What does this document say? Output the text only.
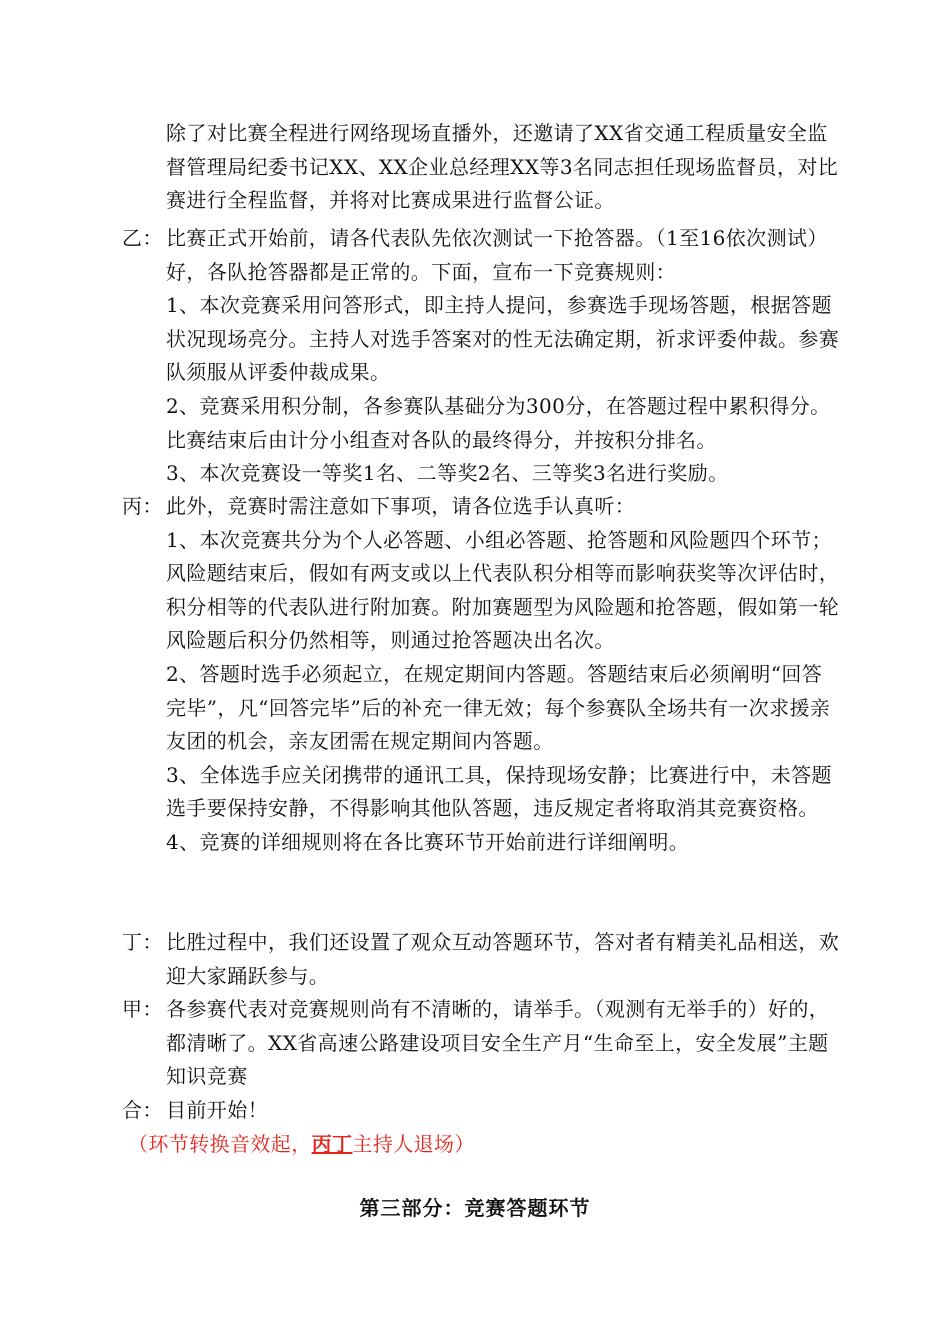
除了对比赛全程进行网络现场直播外，还邀请了XX省交通工程质量安全监督管理局纪委书记XX、XX企业总经理XX等3名同志担任现场监督员，对比赛进行全程监督，并将对比赛成果进行监督公证。
乙： 比赛正式开始前，请各代表队先依次测试一下抢答器。（1至16依次测试）好，各队抢答器都是正常的。下面，宣布一下竞赛规则：
1、本次竞赛采用问答形式，即主持人提问，参赛选手现场答题，根据答题状况现场亮分。主持人对选手答案对的性无法确定期，祈求评委仲裁。参赛队须服从评委仲裁成果。
2、竞赛采用积分制，各参赛队基础分为300分，在答题过程中累积得分。比赛结束后由计分小组查对各队的最终得分，并按积分排名。
3、本次竞赛设一等奖1名、二等奖2名、三等奖3名进行奖励。
丙： 此外，竞赛时需注意如下事项，请各位选手认真听：
1、本次竞赛共分为个人必答题、小组必答题、抢答题和风险题四个环节；风险题结束后，假如有两支或以上代表队积分相等而影响获奖等次评估时，积分相等的代表队进行附加赛。附加赛题型为风险题和抢答题，假如第一轮风险题后积分仍然相等，则通过抢答题决出名次。
2、答题时选手必须起立，在规定期间内答题。答题结束后必须阐明“回答完毕”，凡“回答完毕”后的补充一律无效；每个参赛队全场共有一次求援亲友团的机会，亲友团需在规定期间内答题。
3、全体选手应关闭携带的通讯工具，保持现场安静；比赛进行中，未答题选手要保持安静，不得影响其他队答题，违反规定者将取消其竞赛资格。
4、竞赛的详细规则将在各比赛环节开始前进行详细阐明。
丁： 比胜过程中，我们还设置了观众互动答题环节，答对者有精美礼品相送，欢迎大家踊跃参与。
甲： 各参赛代表对竞赛规则尚有不清晰的，请举手。（观测有无举手的）好的，都清晰了。XX省高速公路建设项目安全生产月“生命至上，安全发展”主题知识竞赛
合： 目前开始！
（环节转换音效起，丙丁主持人退场）
第三部分：竞赛答题环节
